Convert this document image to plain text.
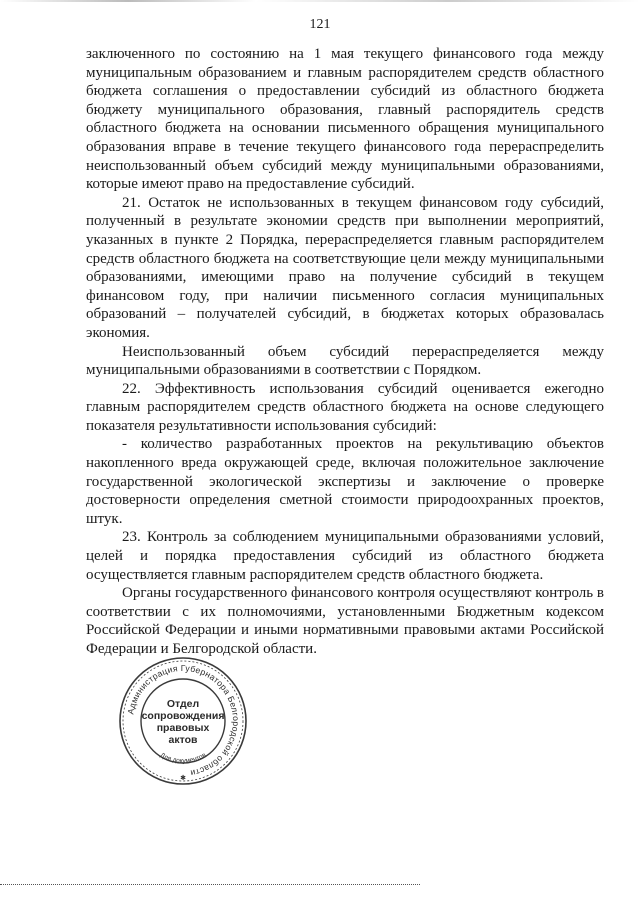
121

заключенного по состоянию на 1 мая текущего финансового года между муниципальным образованием и главным распорядителем средств областного бюджета соглашения о предоставлении субсидий из областного бюджета бюджету муниципального образования, главный распорядитель средств областного бюджета на основании письменного обращения муниципального образования вправе в течение текущего финансового года перераспределить неиспользованный объем субсидий между муниципальными образованиями, которые имеют право на предоставление субсидий.

21. Остаток не использованных в текущем финансовом году субсидий, полученный в результате экономии средств при выполнении мероприятий, указанных в пункте 2 Порядка, перераспределяется главным распорядителем средств областного бюджета на соответствующие цели между муниципальными образованиями, имеющими право на получение субсидий в текущем финансовом году, при наличии письменного согласия муниципальных образований – получателей субсидий, в бюджетах которых образовалась экономия.

Неиспользованный объем субсидий перераспределяется между муниципальными образованиями в соответствии с Порядком.

22. Эффективность использования субсидий оценивается ежегодно главным распорядителем средств областного бюджета на основе следующего показателя результативности использования субсидий:

- количество разработанных проектов на рекультивацию объектов накопленного вреда окружающей среде, включая положительное заключение государственной экологической экспертизы и заключение о проверке достоверности определения сметной стоимости природоохранных проектов, штук.

23. Контроль за соблюдением муниципальными образованиями условий, целей и порядка предоставления субсидий из областного бюджета осуществляется главным распорядителем средств областного бюджета.

Органы государственного финансового контроля осуществляют контроль в соответствии с их полномочиями, установленными Бюджетным кодексом Российской Федерации и иными нормативными правовыми актами Российской Федерации и Белгородской области.

Администрация Губернатора Белгородской области
Для документов
✱
Отдел
сопровождения
правовых
актов
